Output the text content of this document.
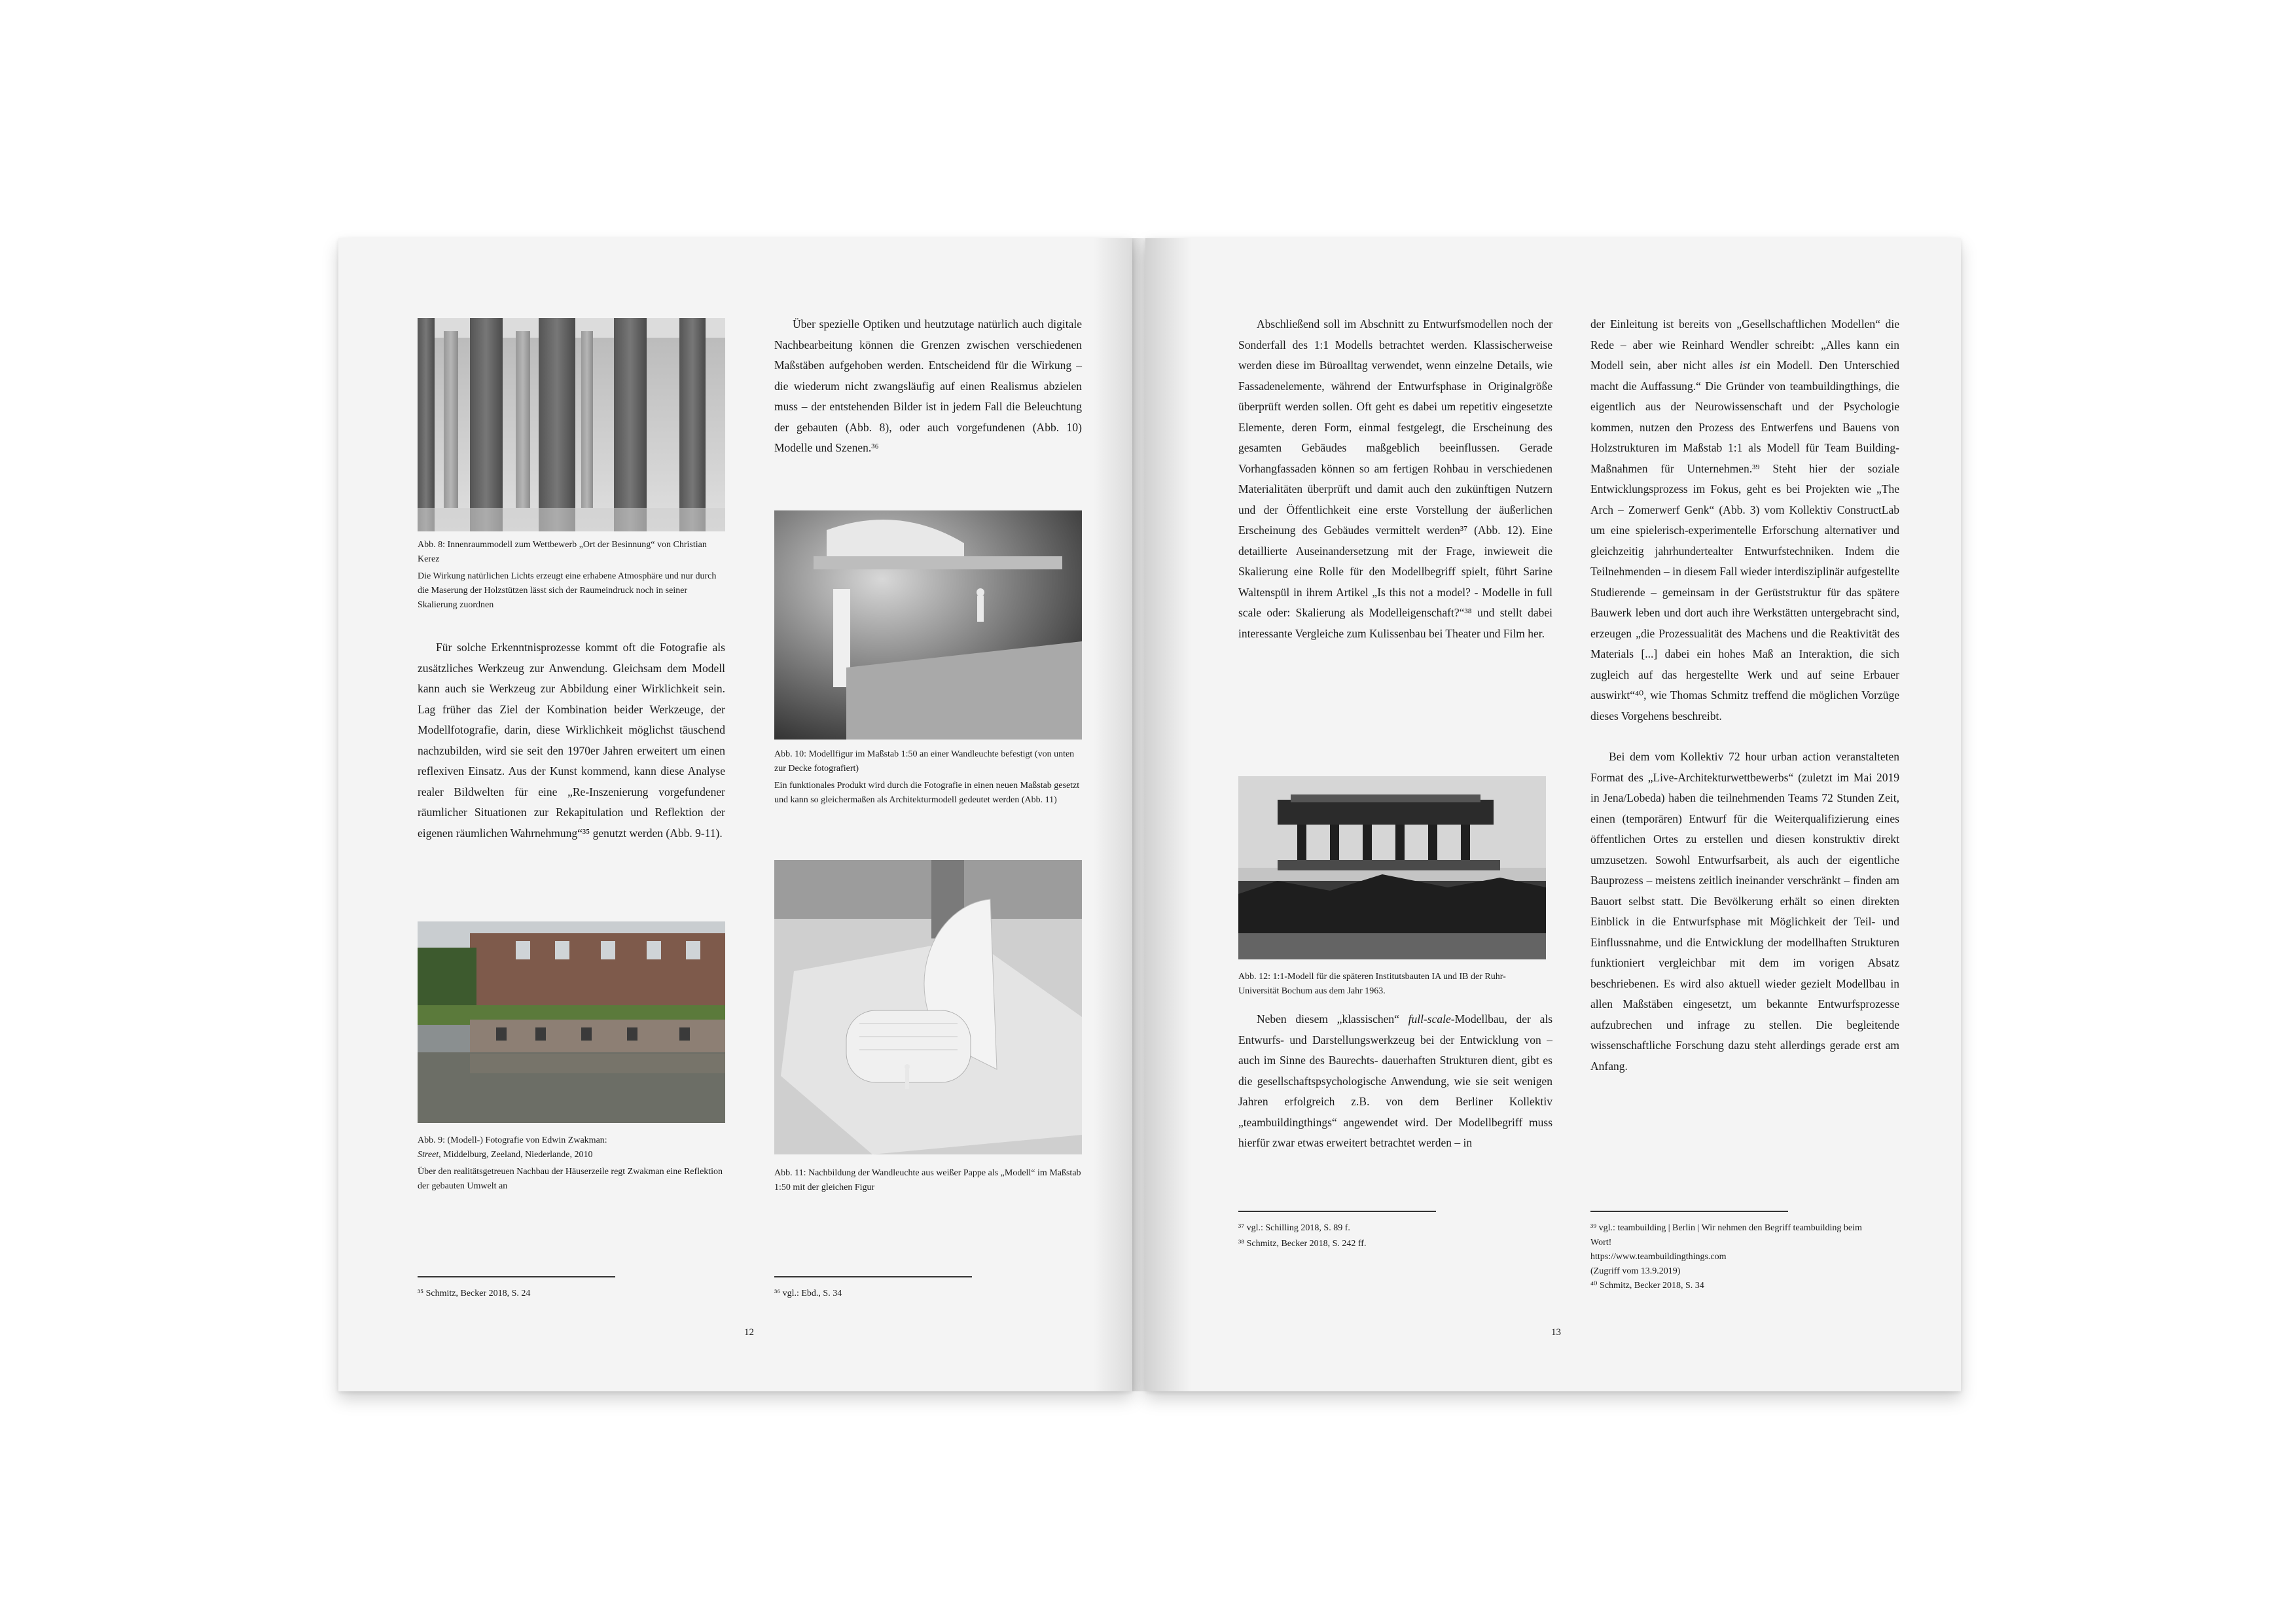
Abb. 8: Innenraummodell zum Wettbewerb „Ort der Besinnung“ von Christian Kerez

Die Wirkung natürlichen Lichts erzeugt eine erhabene Atmosphäre und nur durch die Maserung der Holzstützen lässt sich der Raumeindruck noch in seiner Skalierung zuordnen

Für solche Erkenntnisprozesse kommt oft die Fotografie als zusätzliches Werkzeug zur Anwendung. Gleichsam dem Modell kann auch sie Werkzeug zur Abbildung einer Wirklichkeit sein. Lag früher das Ziel der Kombination beider Werkzeuge, der Modellfotografie, darin, diese Wirklichkeit möglichst täuschend nachzubilden, wird sie seit den 1970er Jahren erweitert um einen reflexiven Einsatz. Aus der Kunst kommend, kann diese Analyse realer Bildwelten für eine „Re-Inszenierung vorgefundener räumlicher Situationen zur Rekapitulation und Reflektion der eigenen räumlichen Wahrnehmung“³⁵ genutzt werden (Abb. 9-11).

Abb. 9: (Modell-) Fotografie von Edwin Zwakman:
Street, Middelburg, Zeeland, Niederlande, 2010

Über den realitätsgetreuen Nachbau der Häuserzeile regt Zwakman eine Reflektion der gebauten Umwelt an

³⁵ Schmitz, Becker 2018, S. 24

Über spezielle Optiken und heutzutage natürlich auch digitale Nachbearbeitung können die Grenzen zwischen verschiedenen Maßstäben aufgehoben werden. Entscheidend für die Wirkung – die wiederum nicht zwangsläufig auf einen Realismus abzielen muss – der entstehenden Bilder ist in jedem Fall die Beleuchtung der gebauten (Abb. 8), oder auch vorgefundenen (Abb. 10) Modelle und Szenen.³⁶

Abb. 10: Modellfigur im Maßstab 1:50 an einer Wandleuchte befestigt (von unten zur Decke fotografiert)

Ein funktionales Produkt wird durch die Fotografie in einen neuen Maßstab gesetzt und kann so gleichermaßen als Architekturmodell gedeutet werden (Abb. 11)

Abb. 11: Nachbildung der Wandleuchte aus weißer Pappe als „Modell“ im Maßstab 1:50 mit der gleichen Figur

³⁶ vgl.: Ebd., S. 34
12

Abschließend soll im Abschnitt zu Entwurfsmodellen noch der Sonderfall des 1:1 Modells betrachtet werden. Klassischerweise werden diese im Büroalltag verwendet, wenn einzelne Details, wie Fassadenelemente, während der Entwurfsphase in Originalgröße überprüft werden sollen. Oft geht es dabei um repetitiv eingesetzte Elemente, deren Form, einmal festgelegt, die Erscheinung des gesamten Gebäudes maßgeblich beeinflussen. Gerade Vorhangfassaden können so am fertigen Rohbau in verschiedenen Materialitäten überprüft und damit auch den zukünftigen Nutzern und der Öffentlichkeit eine erste Vorstellung der äußerlichen Erscheinung des Gebäudes vermittelt werden³⁷ (Abb. 12). Eine detaillierte Auseinandersetzung mit der Frage, inwieweit die Skalierung eine Rolle für den Modellbegriff spielt, führt Sarine Waltenspül in ihrem Artikel „Is this not a model? - Modelle in full scale oder: Skalierung als Modelleigenschaft?“³⁸ und stellt dabei interessante Vergleiche zum Kulissenbau bei Theater und Film her.

Abb. 12: 1:1-Modell für die späteren Institutsbauten IA und IB der Ruhr-Universität Bochum aus dem Jahr 1963.

Neben diesem „klassischen“ full-scale-Modellbau, der als Entwurfs- und Darstellungswerkzeug bei der Entwicklung von – auch im Sinne des Baurechts- dauerhaften Strukturen dient, gibt es die gesellschaftspsychologische Anwendung, wie sie seit wenigen Jahren erfolgreich z.B. von dem Berliner Kollektiv „teambuildingthings“ angewendet wird. Der Modellbegriff muss hierfür zwar etwas erweitert betrachtet werden – in

³⁷ vgl.: Schilling 2018, S. 89 f.
³⁸ Schmitz, Becker 2018, S. 242 ff.

der Einleitung ist bereits von „Gesellschaftlichen Modellen“ die Rede – aber wie Reinhard Wendler schreibt: „Alles kann ein Modell sein, aber nicht alles ist ein Modell. Den Unterschied macht die Auffassung.“ Die Gründer von teambuildingthings, die eigentlich aus der Neurowissenschaft und der Psychologie kommen, nutzen den Prozess des Entwerfens und Bauens von Holzstrukturen im Maßstab 1:1 als Modell für Team Building-Maßnahmen für Unternehmen.³⁹ Steht hier der soziale Entwicklungsprozess im Fokus, geht es bei Projekten wie „The Arch – Zomerwerf Genk“ (Abb. 3) vom Kollektiv ConstructLab um eine spielerisch-experimentelle Erforschung alternativer und gleichzeitig jahrhundertealter Entwurfstechniken. Indem die Teilnehmenden – in diesem Fall wieder interdisziplinär aufgestellte Studierende – gemeinsam in der Gerüststruktur für das spätere Bauwerk leben und dort auch ihre Werkstätten untergebracht sind, erzeugen „die Prozessualität des Machens und die Reaktivität des Materials [...] dabei ein hohes Maß an Interaktion, die sich zugleich auf das hergestellte Werk und auf seine Erbauer auswirkt“⁴⁰, wie Thomas Schmitz treffend die möglichen Vorzüge dieses Vorgehens beschreibt.

Bei dem vom Kollektiv 72 hour urban action veranstalteten Format des „Live-Architekturwettbewerbs“ (zuletzt im Mai 2019 in Jena/Lobeda) haben die teilnehmenden Teams 72 Stunden Zeit, einen (temporären) Entwurf für die Weiterqualifizierung eines öffentlichen Ortes zu erstellen und diesen konstruktiv direkt umzusetzen. Sowohl Entwurfsarbeit, als auch der eigentliche Bauprozess – meistens zeitlich ineinander verschränkt – finden am Bauort selbst statt. Die Bevölkerung erhält so einen direkten Einblick in die Entwurfsphase mit Möglichkeit der Teil- und Einflussnahme, und die Entwicklung der modellhaften Strukturen funktioniert vergleichbar mit dem im vorigen Absatz beschriebenen. Es wird also aktuell wieder gezielt Modellbau in allen Maßstäben eingesetzt, um bekannte Entwurfsprozesse aufzubrechen und infrage zu stellen. Die begleitende wissenschaftliche Forschung dazu steht allerdings gerade erst am Anfang.

³⁹ vgl.: teambuilding | Berlin | Wir nehmen den Begriff teambuilding beim Wort!
https://www.teambuildingthings.com
(Zugriff vom 13.9.2019)
⁴⁰ Schmitz, Becker 2018, S. 34
13
